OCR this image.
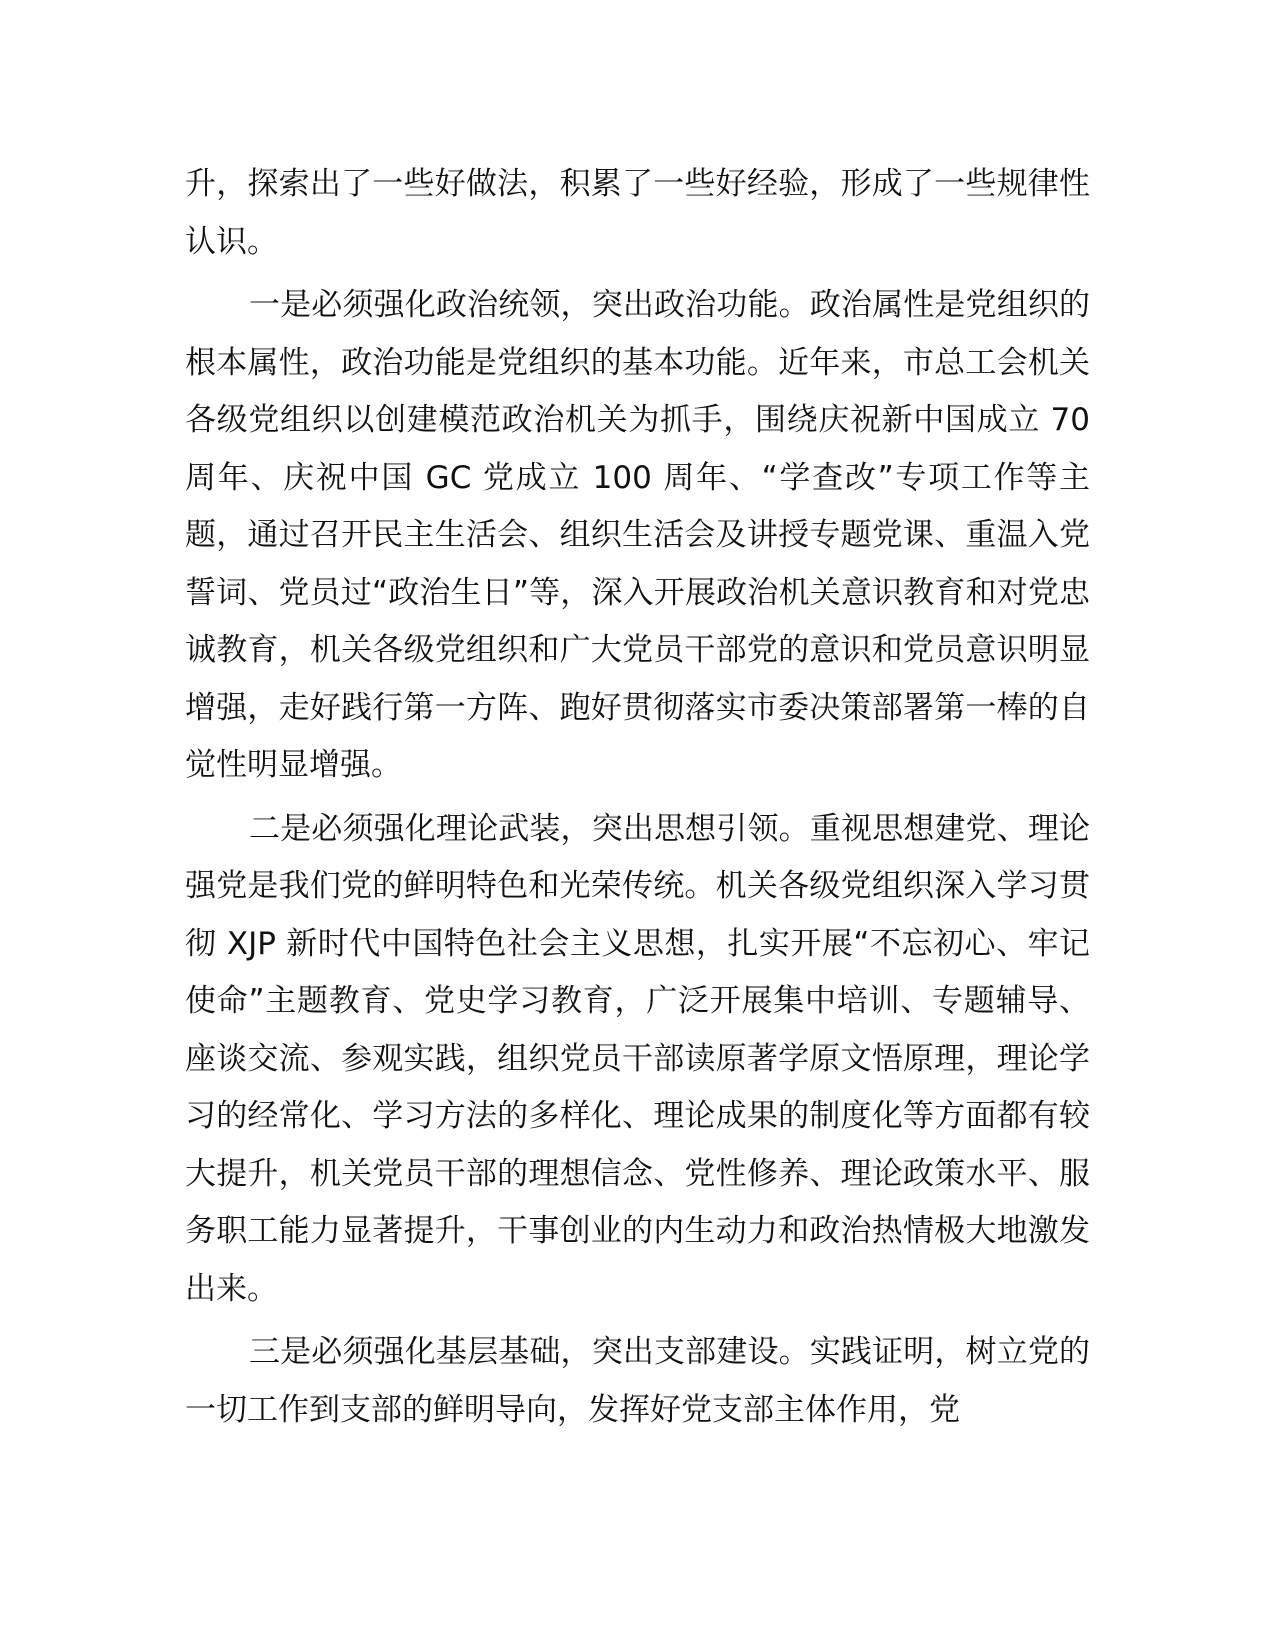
升，探索出了一些好做法，积累了一些好经验，形成了一些规律性认识。

一是必须强化政治统领，突出政治功能。政治属性是党组织的根本属性，政治功能是党组织的基本功能。近年来，市总工会机关各级党组织以创建模范政治机关为抓手，围绕庆祝新中国成立 70 周年、庆祝中国 GC 党成立 100 周年、“学查改”专项工作等主题，通过召开民主生活会、组织生活会及讲授专题党课、重温入党誓词、党员过“政治生日”等，深入开展政治机关意识教育和对党忠诚教育，机关各级党组织和广大党员干部党的意识和党员意识明显增强，走好践行第一方阵、跑好贯彻落实市委决策部署第一棒的自觉性明显增强。

二是必须强化理论武装，突出思想引领。重视思想建党、理论强党是我们党的鲜明特色和光荣传统。机关各级党组织深入学习贯彻 XJP 新时代中国特色社会主义思想，扎实开展“不忘初心、牢记使命”主题教育、党史学习教育，广泛开展集中培训、专题辅导、座谈交流、参观实践，组织党员干部读原著学原文悟原理，理论学习的经常化、学习方法的多样化、理论成果的制度化等方面都有较大提升，机关党员干部的理想信念、党性修养、理论政策水平、服务职工能力显著提升，干事创业的内生动力和政治热情极大地激发出来。

三是必须强化基层基础，突出支部建设。实践证明，树立党的一切工作到支部的鲜明导向，发挥好党支部主体作用，党
